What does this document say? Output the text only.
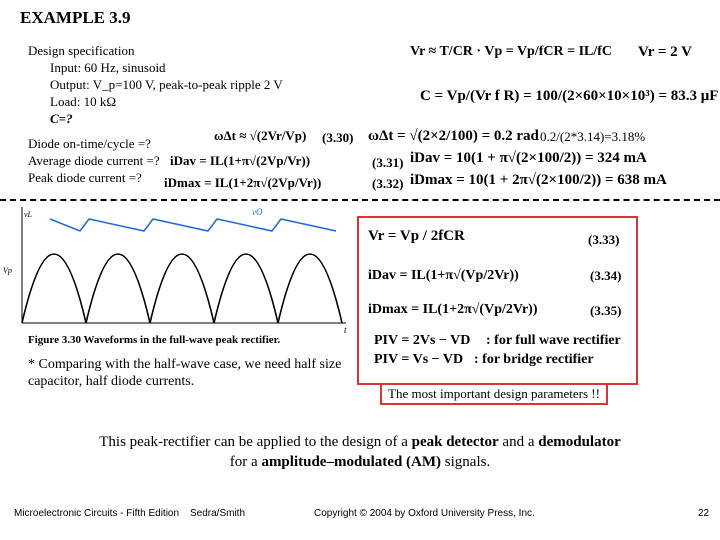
EXAMPLE 3.9
Design specification
Input: 60 Hz, sinusoid
Output: V_p=100 V, peak-to-peak ripple 2 V
Load: 10 kΩ
C=?
Diode on-time/cycle =?
Average diode current =?
Peak diode current =?
Vr ≈ T/CR · Vp = Vp/fCR = IL/fC Vr = 2 V
C = Vp/(Vr f R) = 100/(2×60×10×10³) = 83.3 μF
ωΔt ≈ √(2Vr/Vp) (3.30)
iDav = IL(1+π√(2Vp/Vr))
iDmax = IL(1+2π√(2Vp/Vr))
ωΔt = √(2×2/100) = 0.2 rad 0.2/(2*3.14)=3.18%
(3.31) iDav = 10(1 + π√(2×100/2)) = 324 mA
(3.32) iDmax = 10(1 + 2π√(2×100/2)) = 638 mA
vO
vL
Vp
t
Figure 3.30 Waveforms in the full-wave peak rectifier.
* Comparing with the half-wave case, we need half size capacitor, half diode currents.
Vr = Vp / 2fCR	(3.33)
iDav = IL(1+π√(Vp/2Vr))	(3.34)
iDmax = IL(1+2π√(Vp/2Vr))	(3.35)
PIV = 2Vs − VD : for full wave rectifier
PIV = Vs − VD : for bridge rectifier
The most important design parameters !!
This peak-rectifier can be applied to the design of a peak detector and a demodulator
for a amplitude–modulated (AM) signals.
Microelectronic Circuits - Fifth Edition Sedra/Smith	Copyright © 2004 by Oxford University Press, Inc.	22
